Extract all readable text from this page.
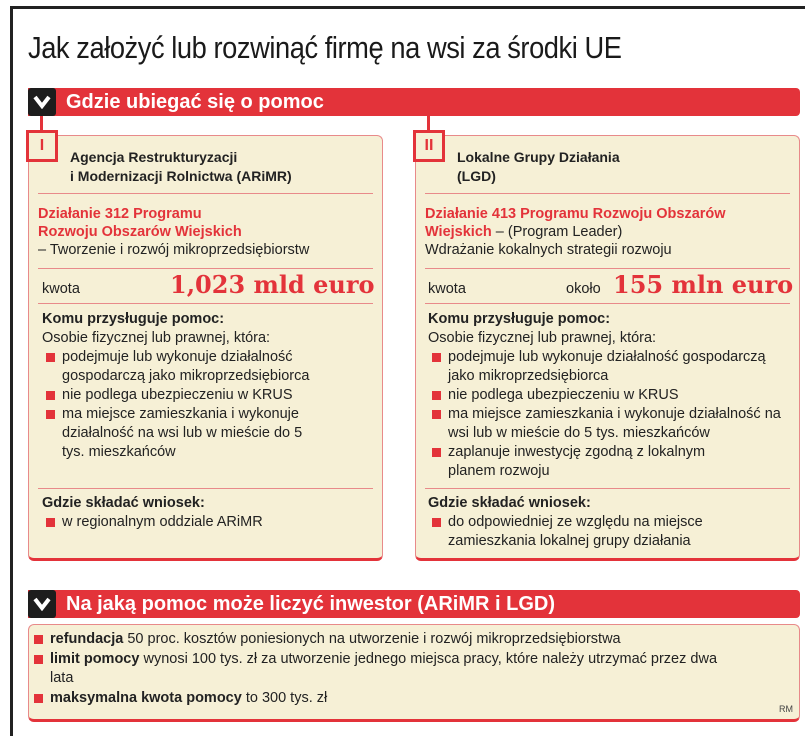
Jak założyć lub rozwinąć firmę na wsi za środki UE
Gdzie ubiegać się o pomoc
I
Agencja Restrukturyzacji
i Modernizacji Rolnictwa (ARiMR)
Działanie 312 Programu
Rozwoju Obszarów Wiejskich
– Tworzenie i rozwój mikroprzedsiębiorstw
kwota	1,023 mld euro
Komu przysługuje pomoc:
Osobie fizycznej lub prawnej, która:
podejmuje lub wykonuje działalność gospodarczą jako mikroprzedsiębiorca
nie podlega ubezpieczeniu w KRUS
ma miejsce zamieszkania i wykonuje działalność na wsi lub w mieście do 5 tys. mieszkańców
Gdzie składać wniosek:
w regionalnym oddziale ARiMR
II
Lokalne Grupy Działania
(LGD)
Działanie 413 Programu Rozwoju Obszarów
Wiejskich – (Program Leader)
Wdrażanie kokalnych strategii rozwoju
kwota	około 155 mln euro
Komu przysługuje pomoc:
Osobie fizycznej lub prawnej, która:
podejmuje lub wykonuje działalność gospodarczą jako mikroprzedsiębiorca
nie podlega ubezpieczeniu w KRUS
ma miejsce zamieszkania i wykonuje działalność na wsi lub w mieście do 5 tys. mieszkańców
zaplanuje inwestycję zgodną z lokalnym planem rozwoju
Gdzie składać wniosek:
do odpowiedniej ze względu na miejsce zamieszkania lokalnej grupy działania
Na jaką pomoc może liczyć inwestor (ARiMR i LGD)
refundacja 50 proc. kosztów poniesionych na utworzenie i rozwój mikroprzedsiębiorstwa
limit pomocy wynosi 100 tys. zł za utworzenie jednego miejsca pracy, które należy utrzymać przez dwa lata
maksymalna kwota pomocy to 300 tys. zł
RM
